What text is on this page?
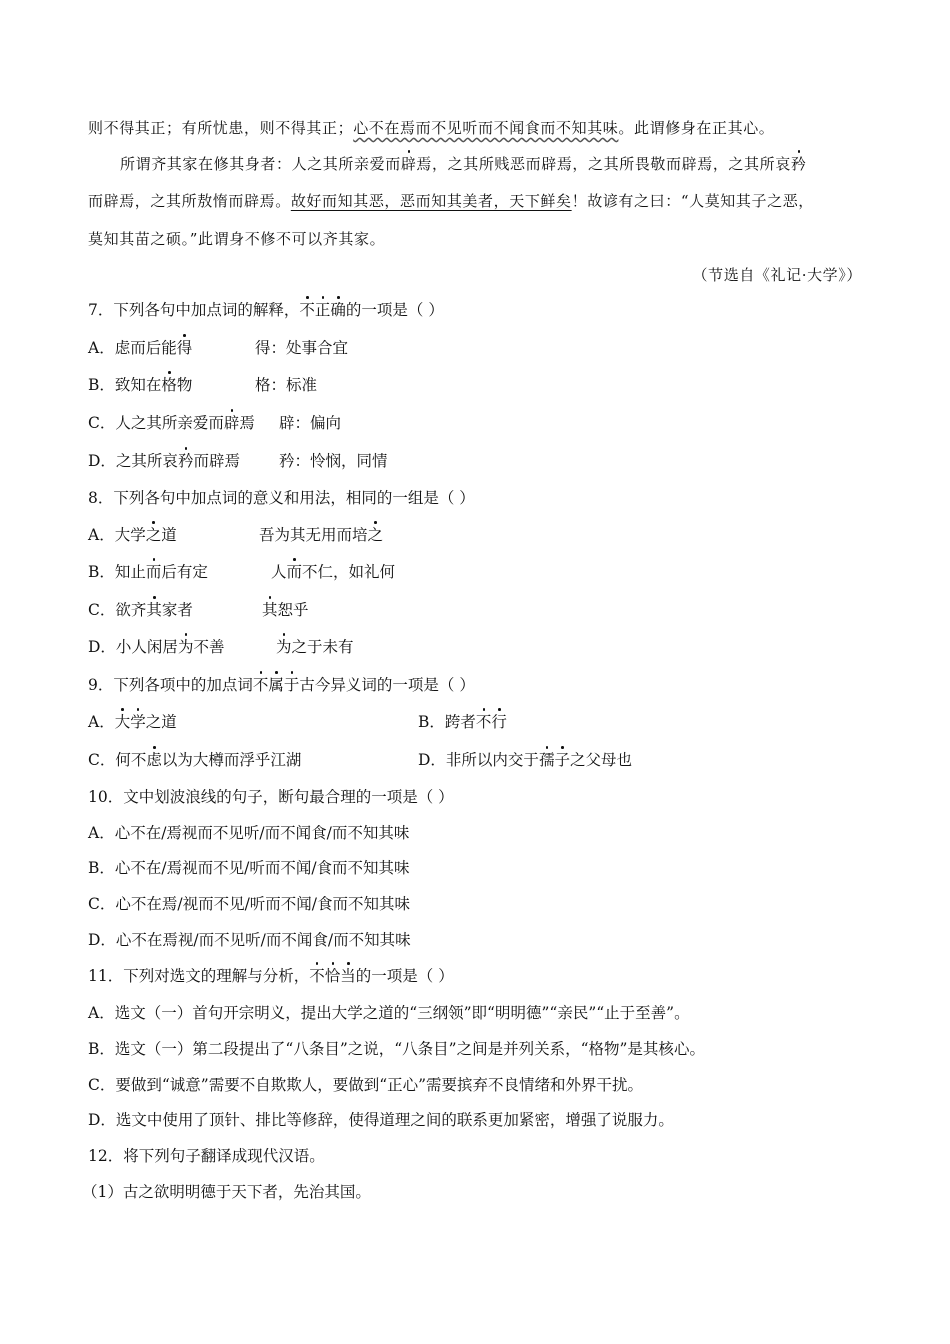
则不得其正；有所忧患，则不得其正；心不在焉而不见听而不闻食而不知其味。此谓修身在正其心。
所谓齐其家在修其身者：人之其所亲爱而辟焉，之其所贱恶而辟焉，之其所畏敬而辟焉，之其所哀矜
而辟焉，之其所敖惰而辟焉。故好而知其恶，恶而知其美者，天下鲜矣！故谚有之曰：“人莫知其子之恶，
莫知其苗之硕。”此谓身不修不可以齐其家。
（节选自《礼记·大学》）
7．下列各句中加点词的解释，不正确的一项是（ ）
A．虑而后能得	得：处事合宜
B．致知在格物	格：标准
C．人之其所亲爱而辟焉 辟：偏向
D．之其所哀矜而辟焉	矜：怜悯，同情
8．下列各句中加点词的意义和用法，相同的一组是（ ）
A．大学之道	吾为其无用而培之
B．知止而后有定	人而不仁，如礼何
C．欲齐其家者	其恕乎
D．小人闲居为不善	为之于未有
9．下列各项中的加点词不属于古今异义词的一项是（ ）
A．大学之道	B．跨者不行
C．何不虑以为大樽而浮乎江湖	D．非所以内交于孺子之父母也
10．文中划波浪线的句子，断句最合理的一项是（ ）
A．心不在/焉视而不见听/而不闻食/而不知其味
B．心不在/焉视而不见/听而不闻/食而不知其味
C．心不在焉/视而不见/听而不闻/食而不知其味
D．心不在焉视/而不见听/而不闻食/而不知其味
11．下列对选文的理解与分析，不恰当的一项是（ ）
A．选文（一）首句开宗明义，提出大学之道的“三纲领”即“明明德”“亲民”“止于至善”。
B．选文（一）第二段提出了“八条目”之说，“八条目”之间是并列关系，“格物”是其核心。
C．要做到“诚意”需要不自欺欺人，要做到“正心”需要摈弃不良情绪和外界干扰。
D．选文中使用了顶针、排比等修辞，使得道理之间的联系更加紧密，增强了说服力。
12．将下列句子翻译成现代汉语。
（1）古之欲明明德于天下者，先治其国。
